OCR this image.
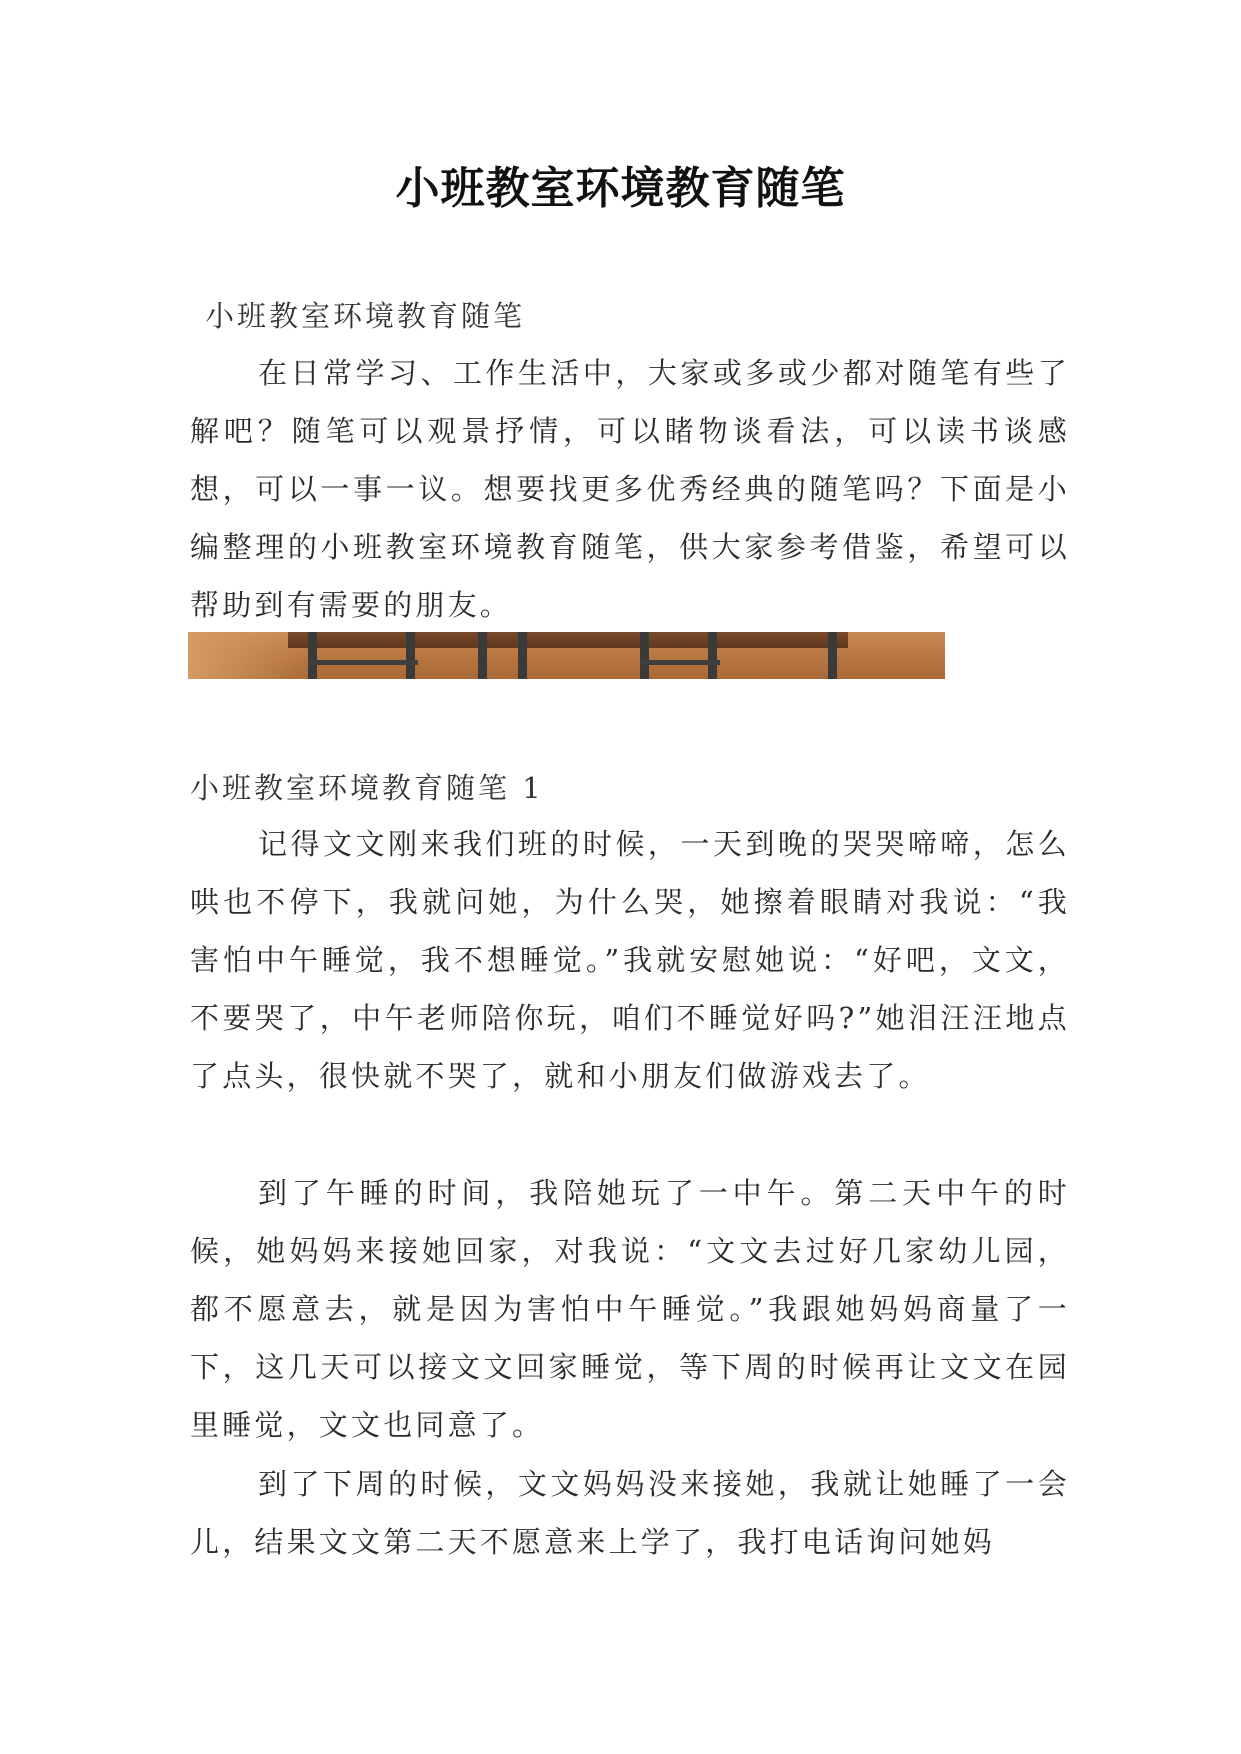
小班教室环境教育随笔
小班教室环境教育随笔

在日常学习、工作生活中，大家或多或少都对随笔有些了解吧？随笔可以观景抒情，可以睹物谈看法，可以读书谈感想，可以一事一议。想要找更多优秀经典的随笔吗？下面是小编整理的小班教室环境教育随笔，供大家参考借鉴，希望可以帮助到有需要的朋友。

小班教室环境教育随笔 1

记得文文刚来我们班的时候，一天到晚的哭哭啼啼，怎么哄也不停下，我就问她，为什么哭，她擦着眼睛对我说：“我害怕中午睡觉，我不想睡觉。”我就安慰她说：“好吧，文文，不要哭了，中午老师陪你玩，咱们不睡觉好吗?”她泪汪汪地点了点头，很快就不哭了，就和小朋友们做游戏去了。

到了午睡的时间，我陪她玩了一中午。第二天中午的时候，她妈妈来接她回家，对我说：“文文去过好几家幼儿园，都不愿意去，就是因为害怕中午睡觉。”我跟她妈妈商量了一下，这几天可以接文文回家睡觉，等下周的时候再让文文在园里睡觉，文文也同意了。

到了下周的时候，文文妈妈没来接她，我就让她睡了一会儿，结果文文第二天不愿意来上学了，我打电话询问她妈
